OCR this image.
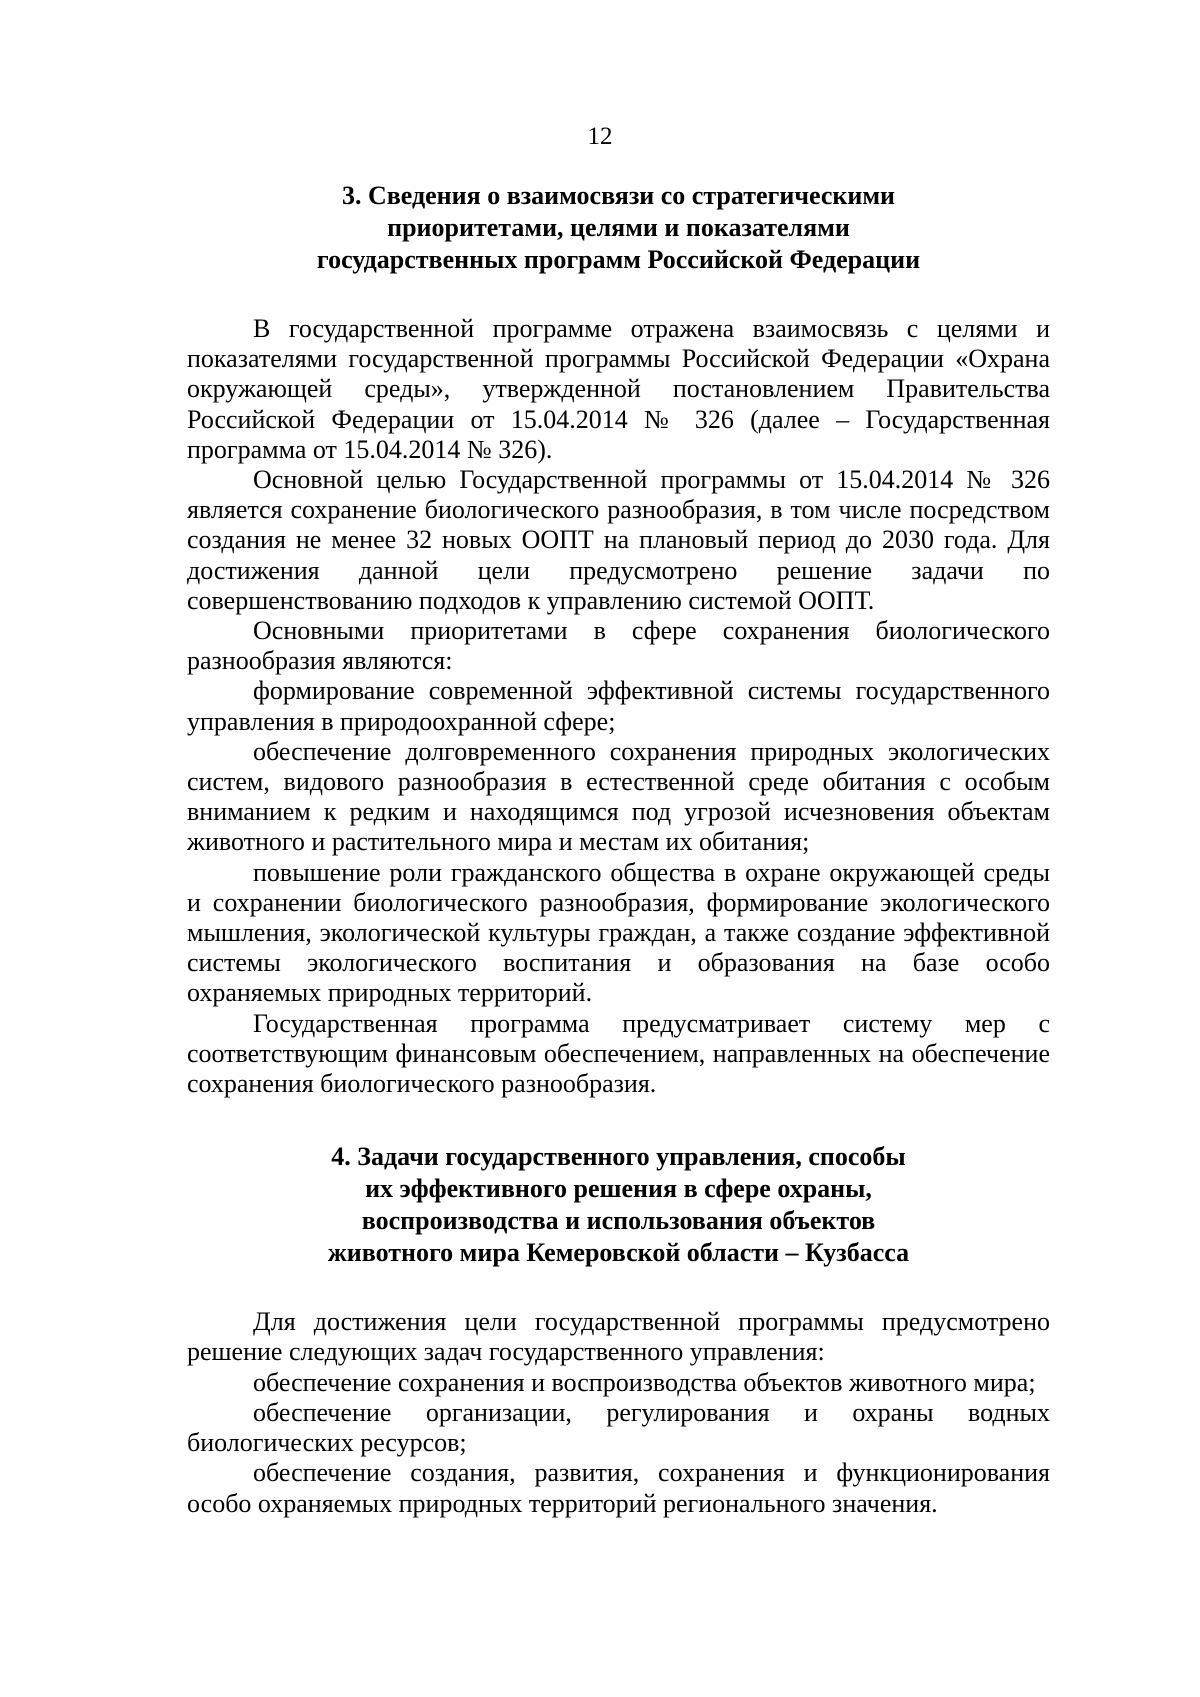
12

3. Сведения о взаимосвязи со стратегическими
приоритетами, целями и показателями
государственных программ Российской Федерации

В государственной программе отражена взаимосвязь с целями и показателями государственной программы Российской Федерации «Охрана окружающей среды», утвержденной постановлением Правительства Российской Федерации от 15.04.2014 № 326 (далее – Государственная программа от 15.04.2014 № 326).

Основной целью Государственной программы от 15.04.2014 № 326 является сохранение биологического разнообразия, в том числе посредством создания не менее 32 новых ООПТ на плановый период до 2030 года. Для достижения данной цели предусмотрено решение задачи по совершенствованию подходов к управлению системой ООПТ.

Основными приоритетами в сфере сохранения биологического разнообразия являются:

формирование современной эффективной системы государственного управления в природоохранной сфере;

обеспечение долговременного сохранения природных экологических систем, видового разнообразия в естественной среде обитания с особым вниманием к редким и находящимся под угрозой исчезновения объектам животного и растительного мира и местам их обитания;

повышение роли гражданского общества в охране окружающей среды и сохранении биологического разнообразия, формирование экологического мышления, экологической культуры граждан, а также создание эффективной системы экологического воспитания и образования на базе особо охраняемых природных территорий.

Государственная программа предусматривает систему мер с соответствующим финансовым обеспечением, направленных на обеспечение сохранения биологического разнообразия.

4. Задачи государственного управления, способы
их эффективного решения в сфере охраны,
воспроизводства и использования объектов
животного мира Кемеровской области – Кузбасса

Для достижения цели государственной программы предусмотрено решение следующих задач государственного управления:

обеспечение сохранения и воспроизводства объектов животного мира;

обеспечение организации, регулирования и охраны водных биологических ресурсов;

обеспечение создания, развития, сохранения и функционирования особо охраняемых природных территорий регионального значения.
